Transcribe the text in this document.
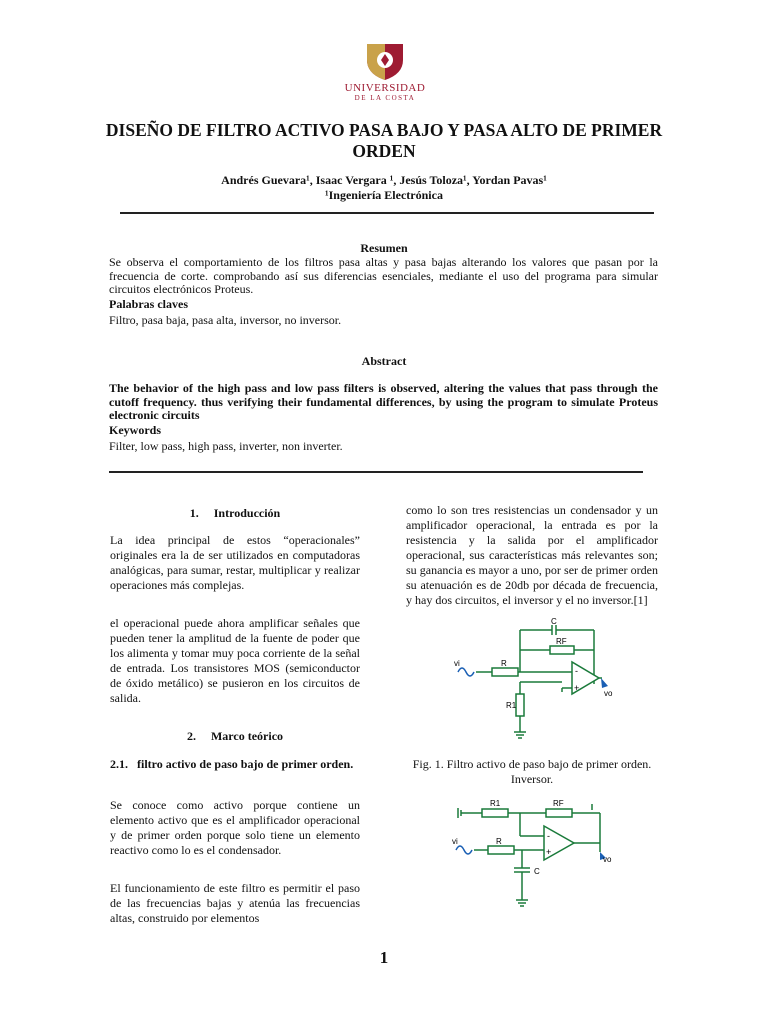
UNIVERSIDAD
DE LA COSTA
DISEÑO DE FILTRO ACTIVO PASA BAJO Y PASA ALTO DE PRIMER ORDEN
Andrés Guevara¹, Isaac Vergara ¹, Jesús Toloza¹, Yordan Pavas¹
¹Ingeniería Electrónica
Resumen
Se observa el comportamiento de los filtros pasa altas y pasa bajas alterando los valores que pasan por la frecuencia de corte. comprobando así sus diferencias esenciales, mediante el uso del programa para simular circuitos electrónicos Proteus.
Palabras claves
Filtro, pasa baja, pasa alta, inversor, no inversor.
Abstract
The behavior of the high pass and low pass filters is observed, altering the values that pass through the cutoff frequency. thus verifying their fundamental differences, by using the program to simulate Proteus electronic circuits
Keywords
Filter, low pass, high pass, inverter, non inverter.
1.     Introducción
La idea principal de estos “operacionales” originales era la de ser utilizados en computadoras analógicas, para sumar, restar, multiplicar y realizar operaciones más complejas.
el operacional puede ahora amplificar señales que pueden tener la amplitud de la fuente de poder que los alimenta y tomar muy poca corriente de la señal de entrada. Los transistores MOS (semiconductor de óxido metálico) se pusieron en los circuitos de salida.
2.     Marco teórico
2.1.   filtro activo de paso bajo de primer orden.
Se conoce como activo porque contiene un elemento activo que es el amplificador operacional y de primer orden porque solo tiene un elemento reactivo como lo es el condensador.
El funcionamiento de este filtro es permitir el paso de las frecuencias bajas y atenúa las frecuencias altas, construido por elementos
como lo son tres resistencias un condensador y un amplificador operacional, la entrada es por la resistencia y la salida por el amplificador operacional, sus características más relevantes son; su ganancia es mayor a uno, por ser de primer orden su atenuación es de 20db por década de frecuencia, y hay dos circuitos, el inversor y el no inversor.[1]
vi
vo
R
RF
C
R1
-
+
Fig. 1. Filtro activo de paso bajo de primer orden. Inversor.
vi
vo
R1	RF
R
C
-
+
1
